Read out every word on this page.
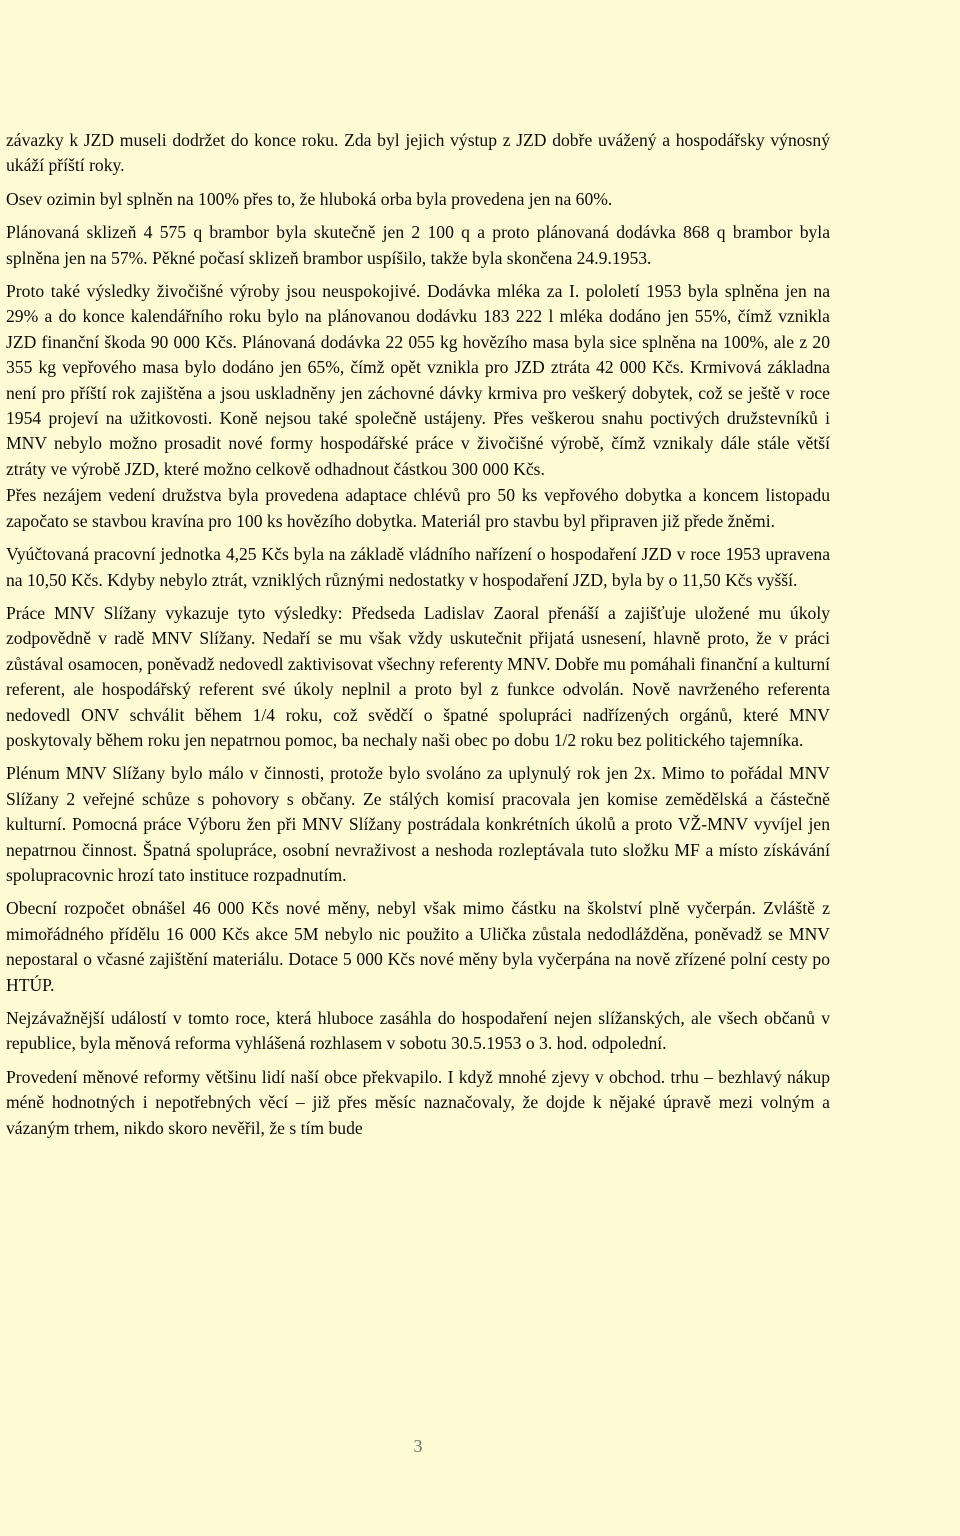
závazky k JZD museli dodržet do konce roku. Zda byl jejich výstup z JZD dobře uvážený a hospodářsky výnosný ukáží příští roky.

Osev ozimin byl splněn na 100% přes to, že hluboká orba byla provedena jen na 60%.

Plánovaná sklizeň 4 575 q brambor byla skutečně jen 2 100 q a proto plánovaná dodávka 868 q brambor byla splněna jen na 57%. Pěkné počasí sklizeň brambor uspíšilo, takže byla skončena 24.9.1953.

Proto také výsledky živočišné výroby jsou neuspokojivé. Dodávka mléka za I. pololetí 1953 byla splněna jen na 29% a do konce kalendářního roku bylo na plánovanou dodávku 183 222 l mléka dodáno jen 55%, čímž vznikla JZD finanční škoda 90 000 Kčs. Plánovaná dodávka 22 055 kg hovězího masa byla sice splněna na 100%, ale z 20 355 kg vepřového masa bylo dodáno jen 65%, čímž opět vznikla pro JZD ztráta 42 000 Kčs. Krmivová základna není pro příští rok zajištěna a jsou uskladněny jen záchovné dávky krmiva pro veškerý dobytek, což se ještě v roce 1954 projeví na užitkovosti. Koně nejsou také společně ustájeny. Přes veškerou snahu poctivých družstevníků i MNV nebylo možno prosadit nové formy hospodářské práce v živočišné výrobě, čímž vznikaly dále stále větší ztráty ve výrobě JZD, které možno celkově odhadnout částkou 300 000 Kčs.

Přes nezájem vedení družstva byla provedena adaptace chlévů pro 50 ks vepřového dobytka a koncem listopadu započato se stavbou kravína pro 100 ks hovězího dobytka. Materiál pro stavbu byl připraven již přede žněmi.

Vyúčtovaná pracovní jednotka 4,25 Kčs byla na základě vládního nařízení o hospodaření JZD v roce 1953 upravena na 10,50 Kčs. Kdyby nebylo ztrát, vzniklých různými nedostatky v hospodaření JZD, byla by o 11,50 Kčs vyšší.

Práce MNV Slížany vykazuje tyto výsledky: Předseda Ladislav Zaoral přenáší a zajišťuje uložené mu úkoly zodpovědně v radě MNV Slížany. Nedaří se mu však vždy uskutečnit přijatá usnesení, hlavně proto, že v práci zůstával osamocen, poněvadž nedovedl zaktivisovat všechny referenty MNV. Dobře mu pomáhali finanční a kulturní referent, ale hospodářský referent své úkoly neplnil a proto byl z funkce odvolán. Nově navrženého referenta nedovedl ONV schválit během 1/4 roku, což svědčí o špatné spolupráci nadřízených orgánů, které MNV poskytovaly během roku jen nepatrnou pomoc, ba nechaly naši obec po dobu 1/2 roku bez politického tajemníka.

Plénum MNV Slížany bylo málo v činnosti, protože bylo svoláno za uplynulý rok jen 2x. Mimo to pořádal MNV Slížany 2 veřejné schůze s pohovory s občany. Ze stálých komisí pracovala jen komise zemědělská a částečně kulturní. Pomocná práce Výboru žen při MNV Slížany postrádala konkrétních úkolů a proto VŽ-MNV vyvíjel jen nepatrnou činnost. Špatná spolupráce, osobní nevraživost a neshoda rozleptávala tuto složku MF a místo získávání spolupracovnic hrozí tato instituce rozpadnutím.

Obecní rozpočet obnášel 46 000 Kčs nové měny, nebyl však mimo částku na školství plně vyčerpán. Zvláště z mimořádného přídělu 16 000 Kčs akce 5M nebylo nic použito a Ulička zůstala nedodlážděna, poněvadž se MNV nepostaral o včasné zajištění materiálu. Dotace 5 000 Kčs nové měny byla vyčerpána na nově zřízené polní cesty po HTÚP.

Nejzávažnější událostí v tomto roce, která hluboce zasáhla do hospodaření nejen slížanských, ale všech občanů v republice, byla měnová reforma vyhlášená rozhlasem v sobotu 30.5.1953 o 3. hod. odpolední.

Provedení měnové reformy většinu lidí naší obce překvapilo. I když mnohé zjevy v obchod. trhu – bezhlavý nákup méně hodnotných i nepotřebných věcí – již přes měsíc naznačovaly, že dojde k nějaké úpravě mezi volným a vázaným trhem, nikdo skoro nevěřil, že s tím bude

3
